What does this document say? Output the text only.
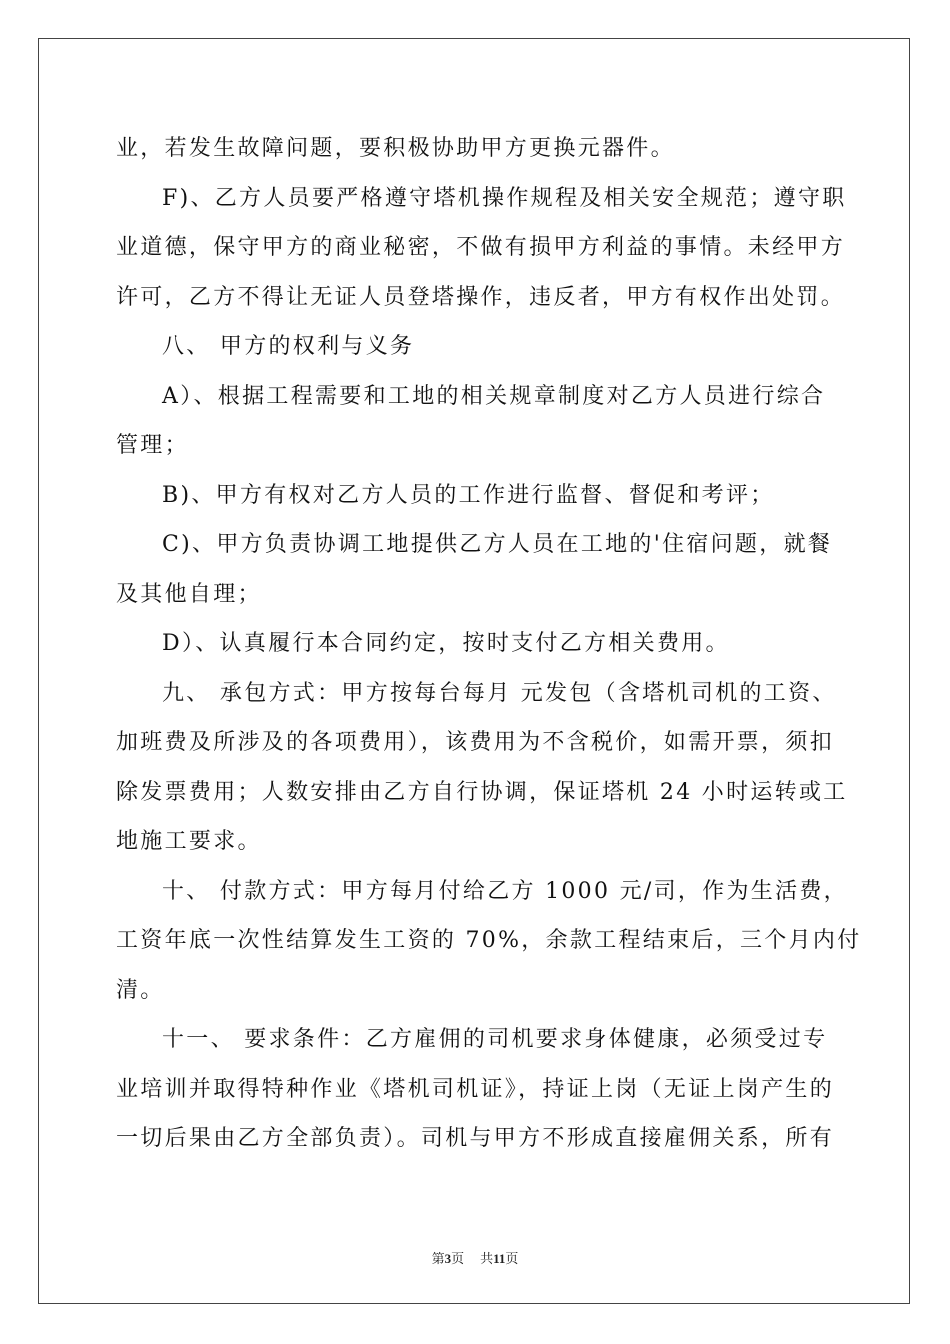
业，若发生故障问题，要积极协助甲方更换元器件。
F)、乙方人员要严格遵守塔机操作规程及相关安全规范；遵守职
业道德，保守甲方的商业秘密，不做有损甲方利益的事情。未经甲方
许可，乙方不得让无证人员登塔操作，违反者，甲方有权作出处罚。
八、 甲方的权利与义务
A）、根据工程需要和工地的相关规章制度对乙方人员进行综合
管理；
B)、甲方有权对乙方人员的工作进行监督、督促和考评；
C)、甲方负责协调工地提供乙方人员在工地的'住宿问题，就餐
及其他自理；
D）、认真履行本合同约定，按时支付乙方相关费用。
九、 承包方式：甲方按每台每月 元发包（含塔机司机的工资、
加班费及所涉及的各项费用），该费用为不含税价，如需开票，须扣
除发票费用；人数安排由乙方自行协调，保证塔机 24 小时运转或工
地施工要求。
十、 付款方式：甲方每月付给乙方 1000 元/司，作为生活费，
工资年底一次性结算发生工资的 70%，余款工程结束后，三个月内付
清。
十一、 要求条件：乙方雇佣的司机要求身体健康，必须受过专
业培训并取得特种作业《塔机司机证》，持证上岗（无证上岗产生的
一切后果由乙方全部负责）。司机与甲方不形成直接雇佣关系，所有
第3页 共11页
